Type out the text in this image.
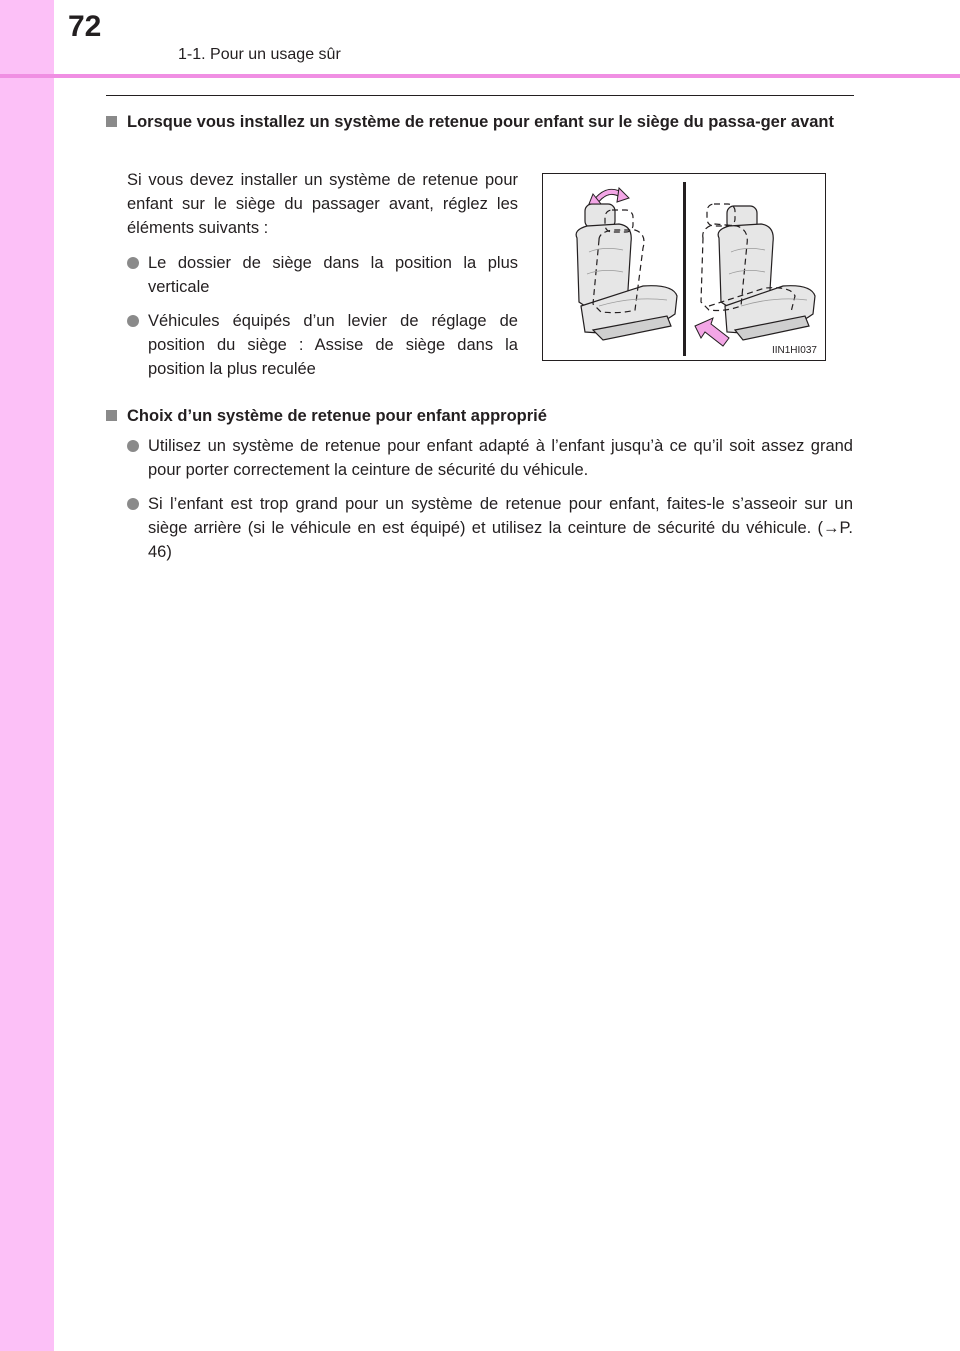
72
1-1. Pour un usage sûr
Lorsque vous installez un système de retenue pour enfant sur le siège du passa-ger avant
Si vous devez installer un système de retenue pour enfant sur le siège du passager avant, réglez les éléments suivants :
Le dossier de siège dans la position la plus verticale
Véhicules équipés d’un levier de réglage de position du siège : Assise de siège dans la position la plus reculée
IIN1HI037
Choix d’un système de retenue pour enfant approprié
Utilisez un système de retenue pour enfant adapté à l’enfant jusqu’à ce qu’il soit assez grand pour porter correctement la ceinture de sécurité du véhicule.
Si l’enfant est trop grand pour un système de retenue pour enfant, faites-le s’asseoir sur un siège arrière (si le véhicule en est équipé) et utilisez la ceinture de sécurité du véhicule. (→P. 46)
